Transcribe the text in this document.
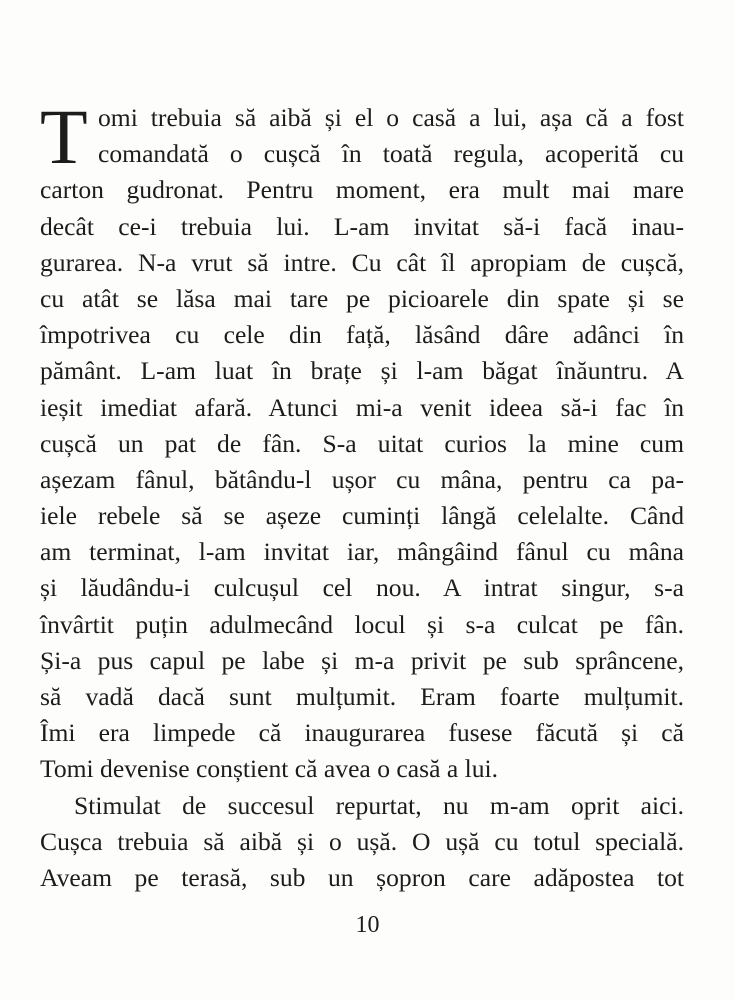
T omi trebuia să aibă și el o casă a lui, așa că a fost
comandată o cușcă în toată regula, acoperită cu
carton gudronat. Pentru moment, era mult mai mare
decât ce-i trebuia lui. L-am invitat să-i facă inau-
gurarea. N-a vrut să intre. Cu cât îl apropiam de cușcă,
cu atât se lăsa mai tare pe picioarele din spate și se
împotrivea cu cele din față, lăsând dâre adânci în
pământ. L-am luat în brațe și l-am băgat înăuntru. A
ieșit imediat afară. Atunci mi-a venit ideea să-i fac în
cușcă un pat de fân. S-a uitat curios la mine cum
așezam fânul, bătându-l ușor cu mâna, pentru ca pa-
iele rebele să se așeze cuminți lângă celelalte. Când
am terminat, l-am invitat iar, mângâind fânul cu mâna
și lăudându-i culcușul cel nou. A intrat singur, s-a
învârtit puțin adulmecând locul și s-a culcat pe fân.
Și-a pus capul pe labe și m-a privit pe sub sprâncene,
să vadă dacă sunt mulțumit. Eram foarte mulțumit.
Îmi era limpede că inaugurarea fusese făcută și că
Tomi devenise conștient că avea o casă a lui.
Stimulat de succesul repurtat, nu m-am oprit aici.
Cușca trebuia să aibă și o ușă. O ușă cu totul specială.
Aveam pe terasă, sub un șopron care adăpostea tot
10
